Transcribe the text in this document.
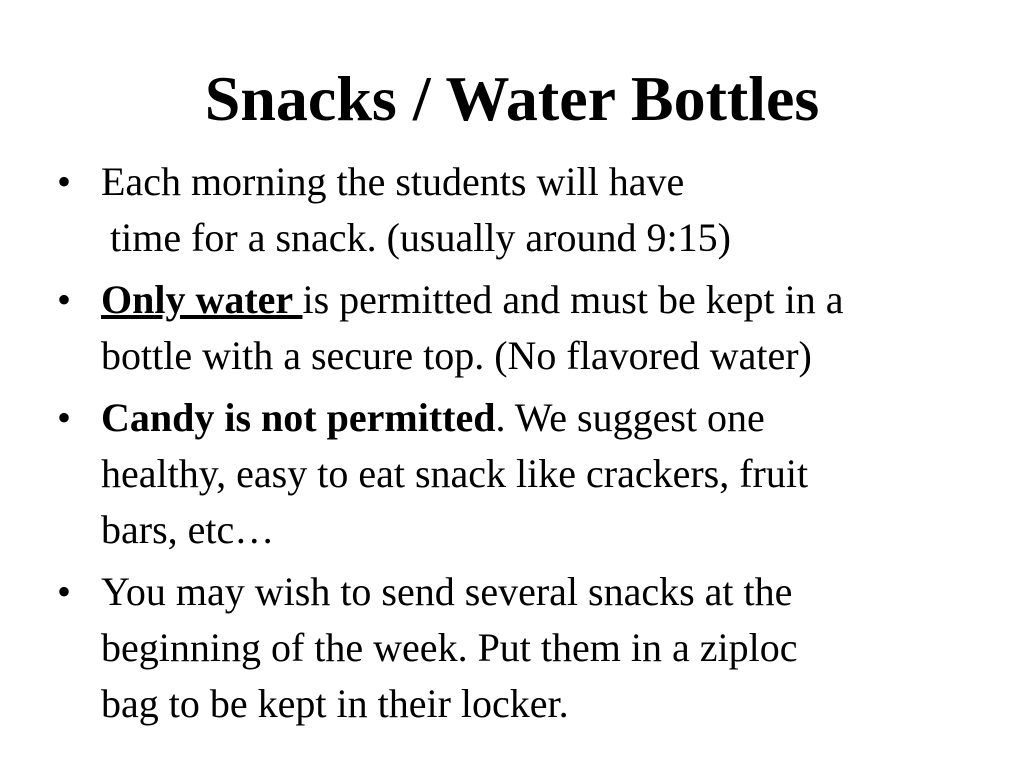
Snacks / Water Bottles
• Each morning the students will have
time for a snack. (usually around 9:15)
• Only water is permitted and must be kept in a
bottle with a secure top. (No flavored water)
• Candy is not permitted. We suggest one
healthy, easy to eat snack like crackers, fruit
bars, etc…
• You may wish to send several snacks at the
beginning of the week. Put them in a ziploc
bag to be kept in their locker.
